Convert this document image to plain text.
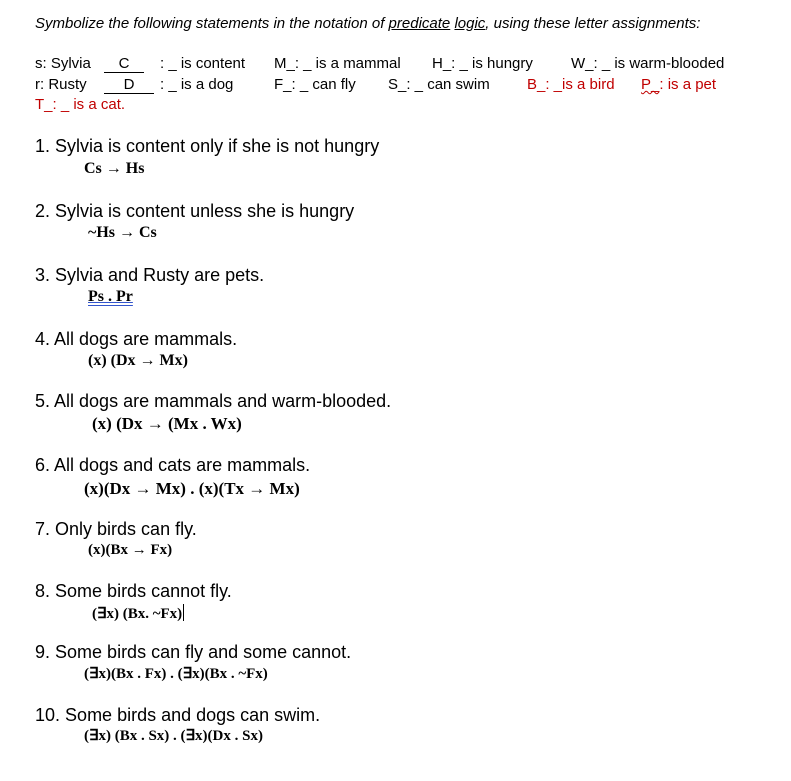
Symbolize the following statements in the notation of predicate logic, using these letter assignments:
s: Sylvia	C	: _ is content M_: _ is a mammal H_: _ is hungry	W_: _ is warm-blooded
r: Rusty	D	: _ is a dog	F_: _ can fly S_: _ can swim B_: _is a bird P_: is a pet
T_: _ is a cat.
1. Sylvia is content only if she is not hungry
Cs → Hs
2. Sylvia is content unless she is hungry
~Hs → Cs
3. Sylvia and Rusty are pets.
Ps . Pr
4. All dogs are mammals.
(x) (Dx → Mx)
5. All dogs are mammals and warm-blooded.
(x) (Dx → (Mx . Wx)
6. All dogs and cats are mammals.
(x)(Dx → Mx) . (x)(Tx → Mx)
7. Only birds can fly.
(x)(Bx → Fx)
8. Some birds cannot fly.
(∃x) (Bx. ~Fx)
9. Some birds can fly and some cannot.
(∃x)(Bx . Fx) . (∃x)(Bx . ~Fx)
10. Some birds and dogs can swim.
(∃x) (Bx . Sx) . (∃x)(Dx . Sx)
